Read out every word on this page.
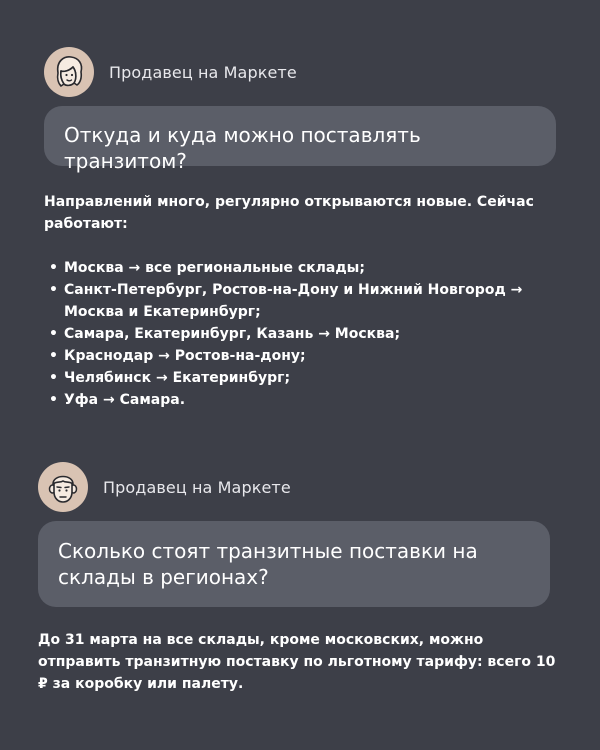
Продавец на Маркете
Откуда и куда можно поставлять транзитом?

Направлений много, регулярно открываются новые. Сейчас работают:

• Москва → все региональные склады;
• Санкт-Петербург, Ростов-на-Дону и Нижний Новгород → Москва и Екатеринбург;
• Самара, Екатеринбург, Казань → Москва;
• Краснодар → Ростов-на-дону;
• Челябинск → Екатеринбург;
• Уфа → Самара.
Продавец на Маркете
Сколько стоят транзитные поставки на склады в регионах?

До 31 марта на все склады, кроме московских, можно отправить транзитную поставку по льготному тарифу: всего 10 ₽ за коробку или палету.
